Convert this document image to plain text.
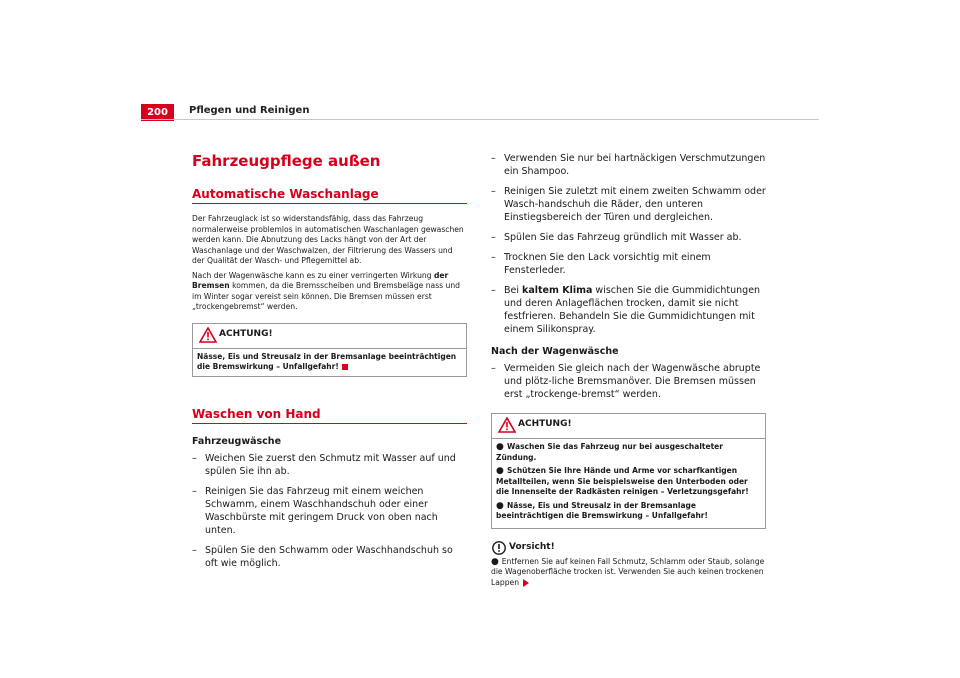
200	Pflegen und Reinigen
Fahrzeugpflege außen
Automatische Waschanlage

Der Fahrzeuglack ist so widerstandsfähig, dass das Fahrzeug normalerweise problemlos in automatischen Waschanlagen gewaschen werden kann. Die Abnutzung des Lacks hängt von der Art der Waschanlage und der Waschwalzen, der Filtrierung des Wassers und der Qualität der Wasch- und Pflegemittel ab.

Nach der Wagenwäsche kann es zu einer verringerten Wirkung der Bremsen kommen, da die Bremsscheiben und Bremsbeläge nass und im Winter sogar vereist sein können. Die Bremsen müssen erst „trockengebremst“ werden.

ACHTUNG!
Nässe, Eis und Streusalz in der Bremsanlage beeinträchtigen die Bremswirkung – Unfallgefahr!
Waschen von Hand
Fahrzeugwäsche
– Weichen Sie zuerst den Schmutz mit Wasser auf und spülen Sie ihn ab.
– Reinigen Sie das Fahrzeug mit einem weichen Schwamm, einem Waschhandschuh oder einer Waschbürste mit geringem Druck von oben nach unten.
– Spülen Sie den Schwamm oder Waschhandschuh so oft wie möglich.
– Verwenden Sie nur bei hartnäckigen Verschmutzungen ein Shampoo.
– Reinigen Sie zuletzt mit einem zweiten Schwamm oder Wasch-handschuh die Räder, den unteren Einstiegsbereich der Türen und dergleichen.
– Spülen Sie das Fahrzeug gründlich mit Wasser ab.
– Trocknen Sie den Lack vorsichtig mit einem Fensterleder.
– Bei kaltem Klima wischen Sie die Gummidichtungen und deren Anlageflächen trocken, damit sie nicht festfrieren. Behandeln Sie die Gummidichtungen mit einem Silikonspray.
Nach der Wagenwäsche
– Vermeiden Sie gleich nach der Wagenwäsche abrupte und plötz-liche Bremsmanöver. Die Bremsen müssen erst „trockenge-bremst“ werden.
ACHTUNG!

● Waschen Sie das Fahrzeug nur bei ausgeschalteter Zündung.

● Schützen Sie Ihre Hände und Arme vor scharfkantigen Metallteilen, wenn Sie beispielsweise den Unterboden oder die Innenseite der Radkästen reinigen – Verletzungsgefahr!

● Nässe, Eis und Streusalz in der Bremsanlage beeinträchtigen die Bremswirkung – Unfallgefahr!

Vorsicht!

● Entfernen Sie auf keinen Fall Schmutz, Schlamm oder Staub, solange die Wagenoberfläche trocken ist. Verwenden Sie auch keinen trockenen Lappen
